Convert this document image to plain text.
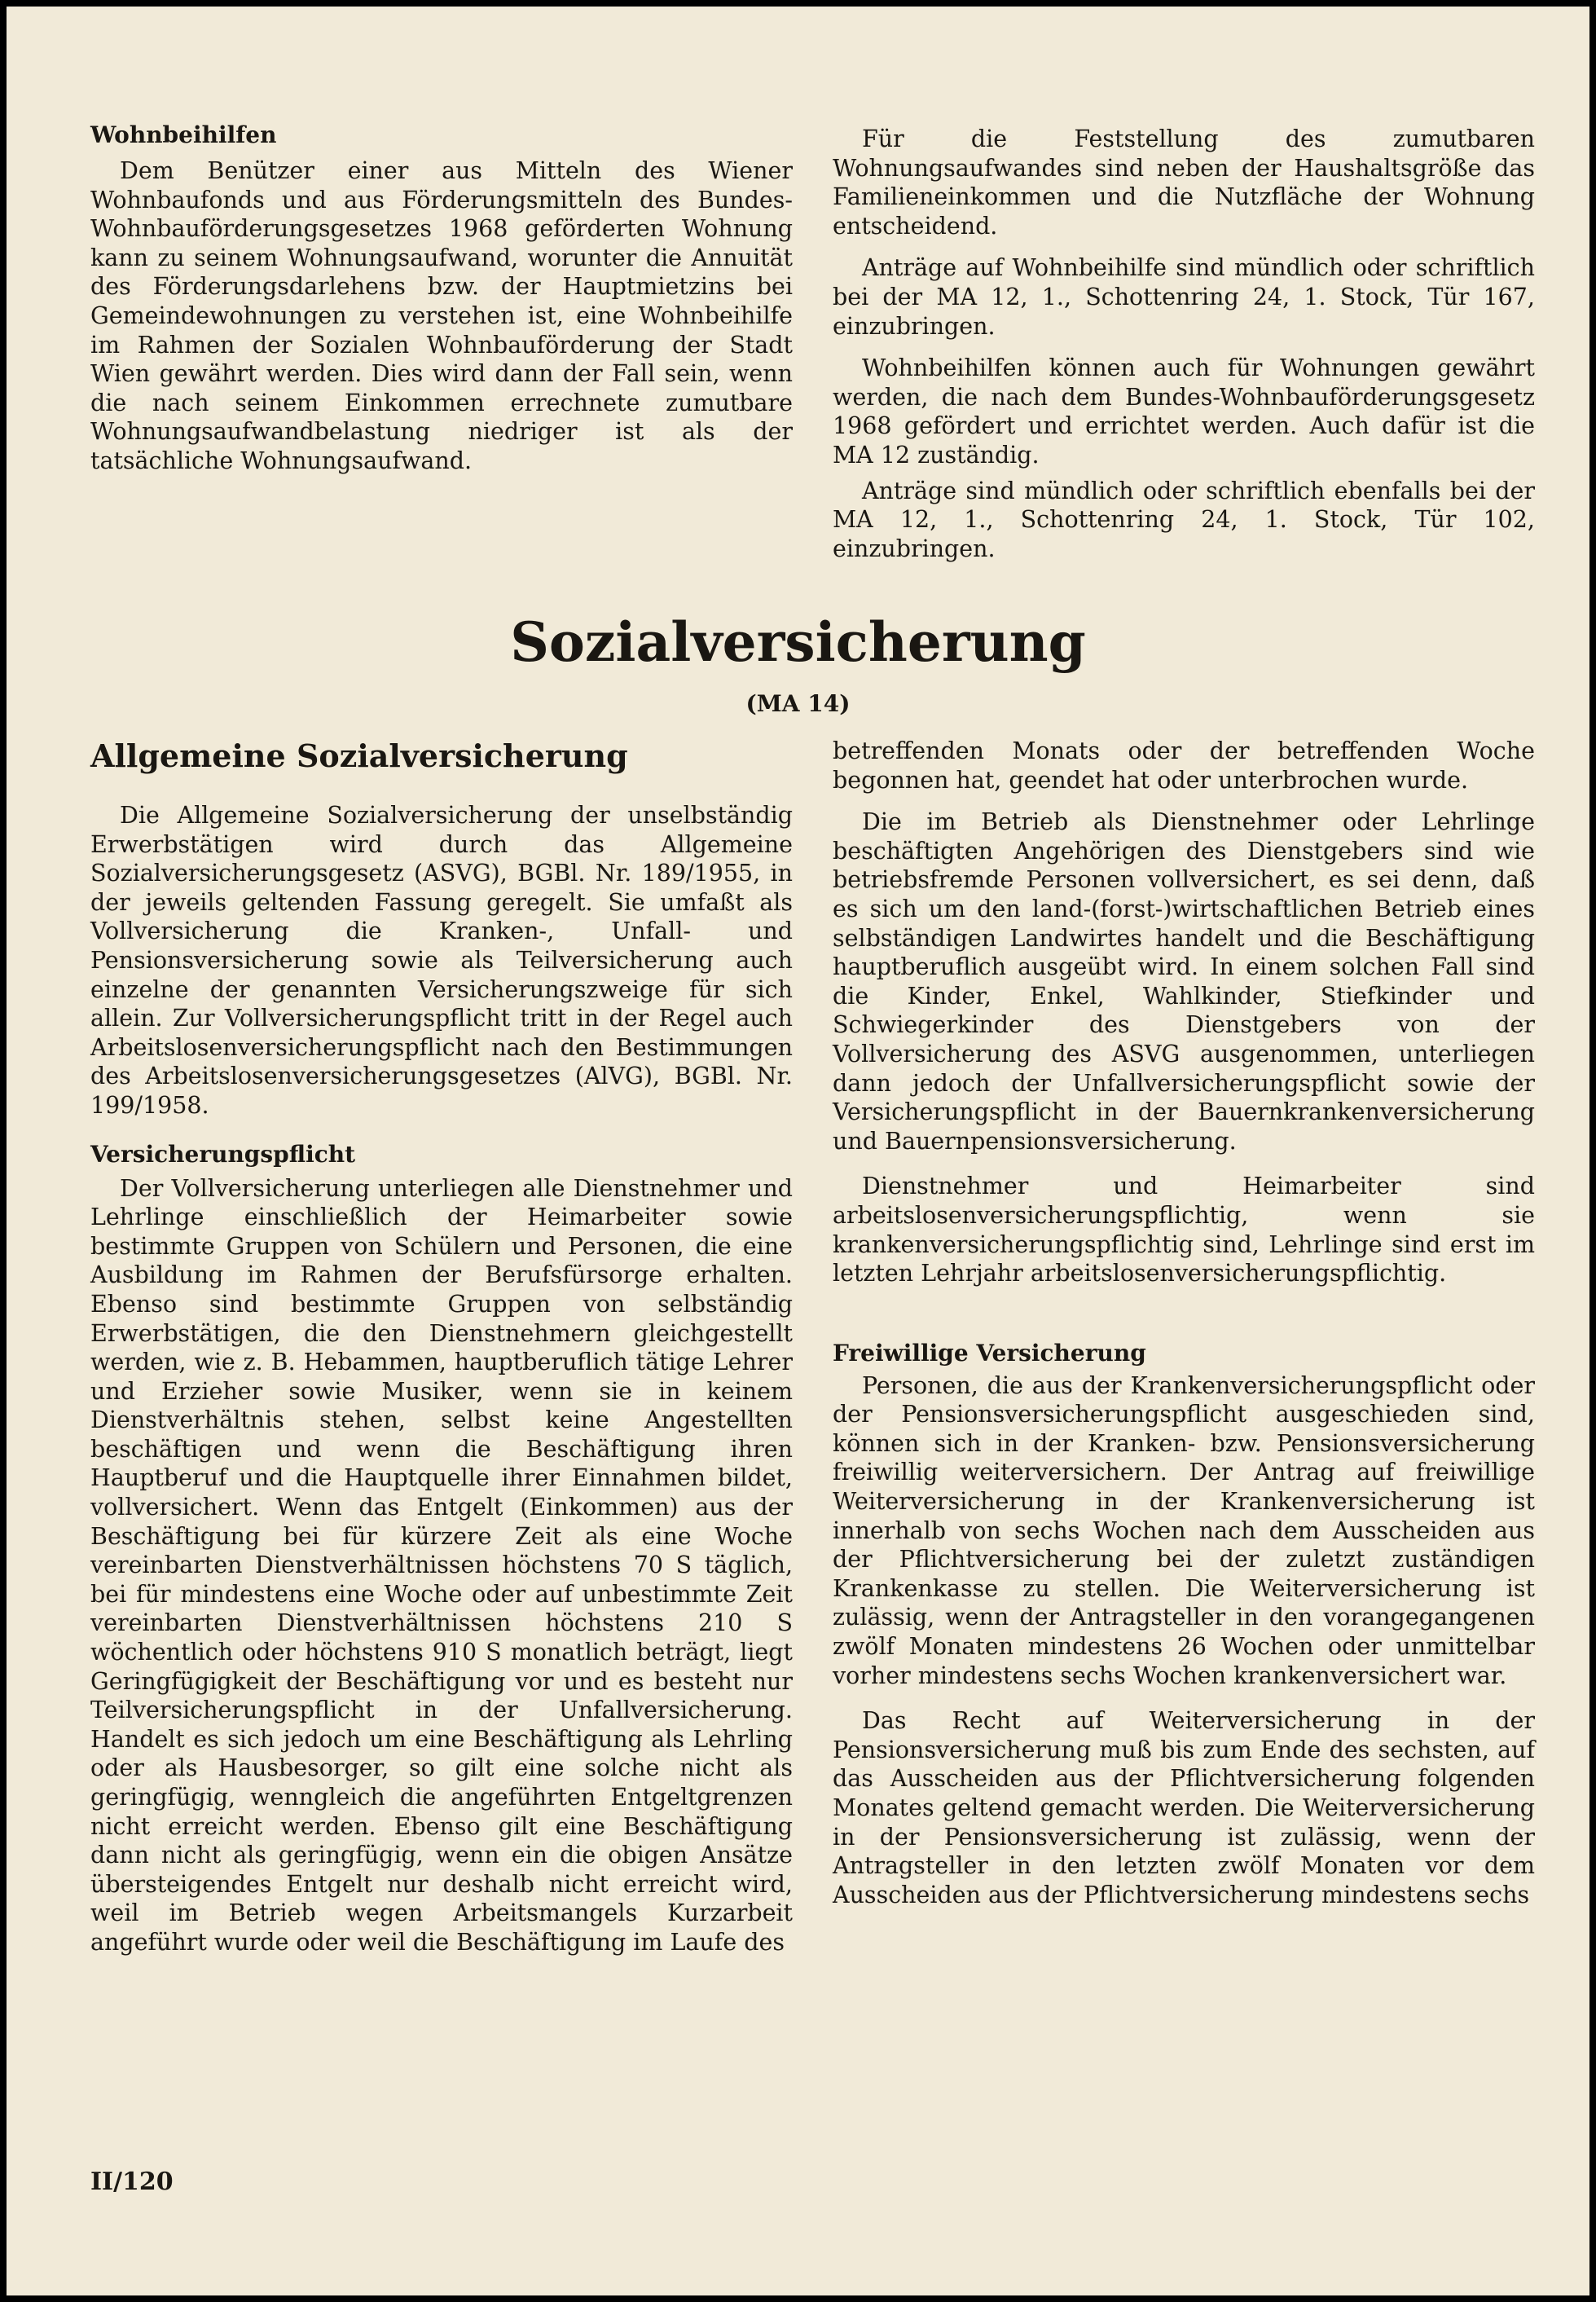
Wohnbeihilfen

Dem Benützer einer aus Mitteln des Wiener Wohnbaufonds und aus Förderungsmitteln des Bundes-Wohnbauförderungsgesetzes 1968 geförderten Wohnung kann zu seinem Wohnungsaufwand, worunter die Annuität des Förderungsdarlehens bzw. der Hauptmietzins bei Gemeindewohnungen zu verstehen ist, eine Wohnbeihilfe im Rahmen der Sozialen Wohnbauförderung der Stadt Wien gewährt werden. Dies wird dann der Fall sein, wenn die nach seinem Einkommen errechnete zumutbare Wohnungsaufwandbelastung niedriger ist als der tatsächliche Wohnungsaufwand.

Für die Feststellung des zumutbaren Wohnungsaufwandes sind neben der Haushaltsgröße das Familieneinkommen und die Nutzfläche der Wohnung entscheidend.

Anträge auf Wohnbeihilfe sind mündlich oder schriftlich bei der MA 12, 1., Schottenring 24, 1. Stock, Tür 167, einzubringen.

Wohnbeihilfen können auch für Wohnungen gewährt werden, die nach dem Bundes-Wohnbauförderungsgesetz 1968 gefördert und errichtet werden. Auch dafür ist die MA 12 zuständig.

Anträge sind mündlich oder schriftlich ebenfalls bei der MA 12, 1., Schottenring 24, 1. Stock, Tür 102, einzubringen.

Sozialversicherung
(MA 14)
Allgemeine Sozialversicherung

Die Allgemeine Sozialversicherung der unselbständig Erwerbstätigen wird durch das Allgemeine Sozialversicherungsgesetz (ASVG), BGBl. Nr. 189/1955, in der jeweils geltenden Fassung geregelt. Sie umfaßt als Vollversicherung die Kranken-, Unfall- und Pensionsversicherung sowie als Teilversicherung auch einzelne der genannten Versicherungszweige für sich allein. Zur Vollversicherungspflicht tritt in der Regel auch Arbeitslosenversicherungspflicht nach den Bestimmungen des Arbeitslosenversicherungsgesetzes (AlVG), BGBl. Nr. 199/1958.

Versicherungspflicht

Der Vollversicherung unterliegen alle Dienstnehmer und Lehrlinge einschließlich der Heimarbeiter sowie bestimmte Gruppen von Schülern und Personen, die eine Ausbildung im Rahmen der Berufsfürsorge erhalten. Ebenso sind bestimmte Gruppen von selbständig Erwerbstätigen, die den Dienstnehmern gleichgestellt werden, wie z. B. Hebammen, hauptberuflich tätige Lehrer und Erzieher sowie Musiker, wenn sie in keinem Dienstverhältnis stehen, selbst keine Angestellten beschäftigen und wenn die Beschäftigung ihren Hauptberuf und die Hauptquelle ihrer Einnahmen bildet, vollversichert. Wenn das Entgelt (Einkommen) aus der Beschäftigung bei für kürzere Zeit als eine Woche vereinbarten Dienstverhältnissen höchstens 70 S täglich, bei für mindestens eine Woche oder auf unbestimmte Zeit vereinbarten Dienstverhältnissen höchstens 210 S wöchentlich oder höchstens 910 S monatlich beträgt, liegt Geringfügigkeit der Beschäftigung vor und es besteht nur Teilversicherungspflicht in der Unfallversicherung. Handelt es sich jedoch um eine Beschäftigung als Lehrling oder als Hausbesorger, so gilt eine solche nicht als geringfügig, wenngleich die angeführten Entgeltgrenzen nicht erreicht werden. Ebenso gilt eine Beschäftigung dann nicht als geringfügig, wenn ein die obigen Ansätze übersteigendes Entgelt nur deshalb nicht erreicht wird, weil im Betrieb wegen Arbeitsmangels Kurzarbeit angeführt wurde oder weil die Beschäftigung im Laufe des

betreffenden Monats oder der betreffenden Woche begonnen hat, geendet hat oder unterbrochen wurde.

Die im Betrieb als Dienstnehmer oder Lehrlinge beschäftigten Angehörigen des Dienstgebers sind wie betriebsfremde Personen vollversichert, es sei denn, daß es sich um den land-(forst-)wirtschaftlichen Betrieb eines selbständigen Landwirtes handelt und die Beschäftigung hauptberuflich ausgeübt wird. In einem solchen Fall sind die Kinder, Enkel, Wahlkinder, Stiefkinder und Schwiegerkinder des Dienstgebers von der Vollversicherung des ASVG ausgenommen, unterliegen dann jedoch der Unfallversicherungspflicht sowie der Versicherungspflicht in der Bauernkrankenversicherung und Bauernpensionsversicherung.

Dienstnehmer und Heimarbeiter sind arbeitslosenversicherungspflichtig, wenn sie krankenversicherungspflichtig sind, Lehrlinge sind erst im letzten Lehrjahr arbeitslosenversicherungspflichtig.

Freiwillige Versicherung

Personen, die aus der Krankenversicherungspflicht oder der Pensionsversicherungspflicht ausgeschieden sind, können sich in der Kranken- bzw. Pensionsversicherung freiwillig weiterversichern. Der Antrag auf freiwillige Weiterversicherung in der Krankenversicherung ist innerhalb von sechs Wochen nach dem Ausscheiden aus der Pflichtversicherung bei der zuletzt zuständigen Krankenkasse zu stellen. Die Weiterversicherung ist zulässig, wenn der Antragsteller in den vorangegangenen zwölf Monaten mindestens 26 Wochen oder unmittelbar vorher mindestens sechs Wochen krankenversichert war.

Das Recht auf Weiterversicherung in der Pensionsversicherung muß bis zum Ende des sechsten, auf das Ausscheiden aus der Pflichtversicherung folgenden Monates geltend gemacht werden. Die Weiterversicherung in der Pensionsversicherung ist zulässig, wenn der Antragsteller in den letzten zwölf Monaten vor dem Ausscheiden aus der Pflichtversicherung mindestens sechs

II/120
